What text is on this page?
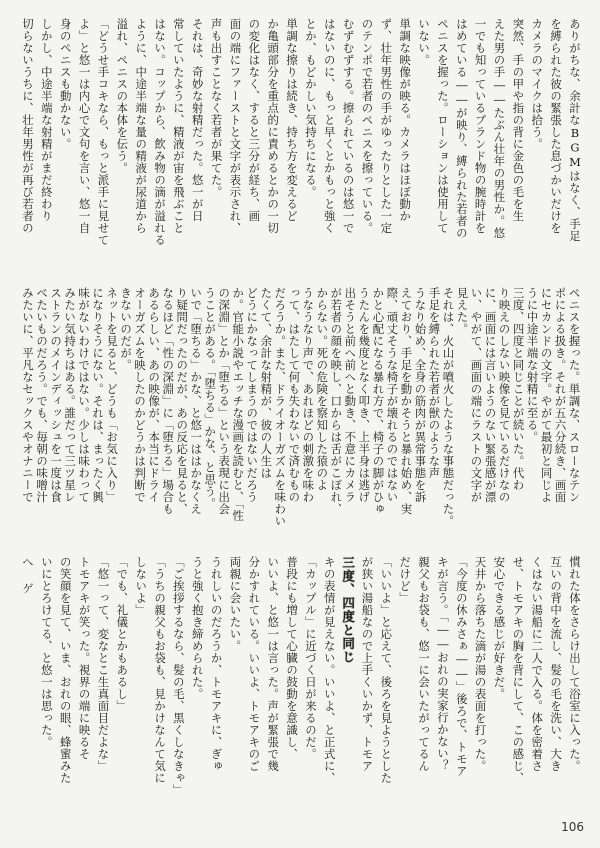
ありがちな、余計なBGMはなく、手足
を縛られた彼の緊張した息づかいだけを
カメラのマイクは拾う。
突然、手の甲や指の背に金色の毛を生
えた男の手――たぶん壮年の男性か。悠
一でも知っているブランド物の腕時計を
はめている――が映り、縛られた若者の
ペニスを握った。ローションは使用して
いない。
単調な映像が映る。カメラはほぼ動か
ず、壮年男性の手がゆったりとした一定
のテンポで若者のペニスを擦っている。
むずむずする。擦られているのは悠一で
はないのに、もっと早くとかもっと強く
とか、もどかしい気持ちになる。
単調な擦りは続き、持ち方を変えるど
か亀頭部分を重点的に責めるとかの一切
の変化はなく、すると三分が経ち、画
面の端にファーストと文字が表示され、
声も出すことなく若者が果てた。
それは、奇妙な射精だった。悠一が日
常していたように、精液が宙を飛ぶこと
はない。コップから、飲み物の滴が溢れる
ように、中途半端な量の精液が尿道から
溢れ、ペニスの本体を伝う。
「どうせ手コキなら、もっと派手に見せて
よ」と悠一は内心で文句を言い、悠一自
身のペニスも動かない。
しかし、中途半端な射精がまだ終わり
切らないうちに、壮年男性が再び若者の
ペニスを握った。単調な、スローなテン
ポによる扱き。それが五六分続き、画面
にセカンドの文字。やがて最初と同じよ
うに中途半端な射精に至る。
三度、四度と同じことが続いた。代わ
り映えのしない映像を見ているだけなの
に、画面には言いようのない緊張感が漂
い、やがて、画面の端にラストの文字が
見えた。
それは、火山が噴火したような事態だった。
手足を縛られた若者が獣のような声
うなり始め、全身の筋肉が異常事態を訴
えており、手足を動かそうと暴れ始め、実
際、頑丈そうな椅子が壊れるのではない
かと心配になる暴れ方で、椅子の脚がひゅ
うたんを幾度となく叩き、上半身は逃げ
出そうと前へ前へと動き、不意にカメラ
が若者の顔を映し、口からは舌がこぼれ、
からない。死の危険を察知した猿のよ
うなうなり声で、あれほどの刺激を味わ
って、はたして何も失わないで済むもの
だろうか。また、ドライオーガズムを味わい
たくて、余計な射精が、彼の人生は
どうにかなってしまうのではないだろう
か。官能小説やエッチな漫画を読むと、「性
の深淵」とか「堕ちる」という表現に出会
うことがある。「堕ちる」かな、と思う。
いで「堕ちる」かな、と悠一ははかなくえ
り疑問だったのだが、あの反応を見ると、
なるほど「性の深淵」に「堕ちる」場合も
あるらしい、あの映像が、本当にドライ
オーガズムを映したのかどうかは判断で
きないのだが。
ネットを見ると、どうも「お気に入り」
になりそうにない。それは、まったく興
味がないわけではない。少しは味わって
みたい気持ちはある。誰だって三ツ星レ
ストランのメインディッシュを一度は食
べたいものだろう。でも、毎朝の味噌汁
みたいに、平凡なセックスやオナニーで
慣れた体をさらけ出して浴室に入った。
互いの背中を流し、髪の毛を洗い、大き
くはない湯船に二人で入る。体を密着さ
せ、トモアキの胸を背にして、この感じ、
安心できる感じが好きだ。
天井から落ちた滴が湯の表面を打った。
「今度の休みさぁ――」後ろで、トモア
キが言う。「――おれの実家行かない？
親父もお袋も、悠一に会いたがってるん
だけど」
「いいよ」と応えて、後ろを見ようとした
が狭い湯船なので上手くいかず、トモア
三度、四度と同じ
キの表情が見えない。いいよ、と正式に、
「カップル」に近づく日が来るのだ。
普段にも増して心臓の鼓動を意識し、
いいよ、と悠一は言った。声が緊張で幾
分かすれている。いいよ、トモアキのご
両親に会いたい。
うれしいのだろうか、トモアキに、ぎゅ
うと強く抱き締められた。
「ご挨拶するなら、髪の毛、黒くしなきゃ」
「うちの親父もお袋も、見かけなんて気に
しないよ」
「でも、礼儀とかもあるし」
「悠一って、変なとこ生真面目だよな」
トモアキが笑った。視界の端に映るそ
の笑顔を見て、いま、おれの眼、蜂蜜みた
いにとろけてる、と悠一は思った。
へ ゲ
106
